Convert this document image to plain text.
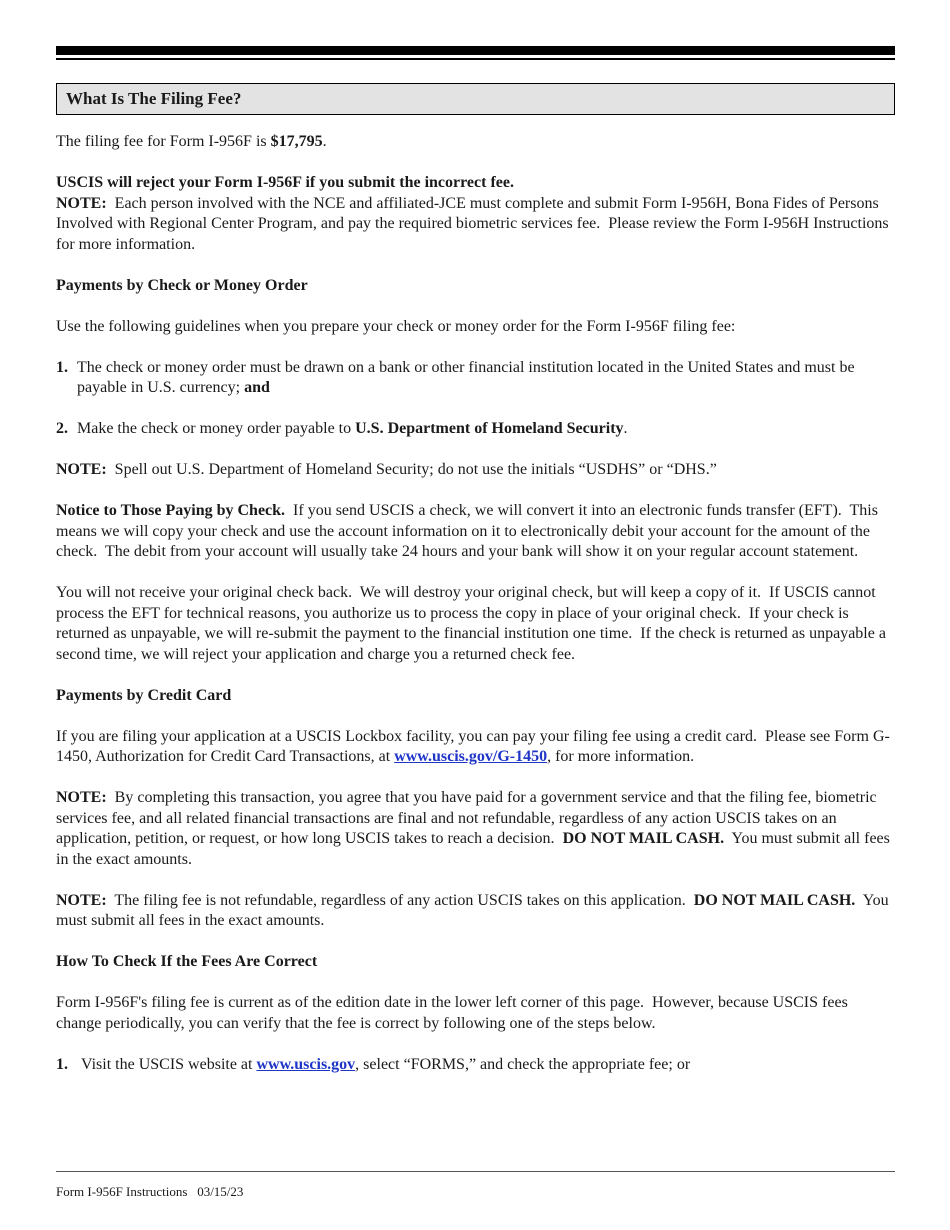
What Is The Filing Fee?

The filing fee for Form I-956F is $17,795.

USCIS will reject your Form I-956F if you submit the incorrect fee.

NOTE:  Each person involved with the NCE and affiliated-JCE must complete and submit Form I-956H, Bona Fides of Persons Involved with Regional Center Program, and pay the required biometric services fee.  Please review the Form I-956H Instructions for more information.

Payments by Check or Money Order

Use the following guidelines when you prepare your check or money order for the Form I-956F filing fee:

1. The check or money order must be drawn on a bank or other financial institution located in the United States and must be payable in U.S. currency; and
2. Make the check or money order payable to U.S. Department of Homeland Security.

NOTE:  Spell out U.S. Department of Homeland Security; do not use the initials “USDHS” or “DHS.”

Notice to Those Paying by Check.  If you send USCIS a check, we will convert it into an electronic funds transfer (EFT).  This means we will copy your check and use the account information on it to electronically debit your account for the amount of the check.  The debit from your account will usually take 24 hours and your bank will show it on your regular account statement.

You will not receive your original check back.  We will destroy your original check, but will keep a copy of it.  If USCIS cannot process the EFT for technical reasons, you authorize us to process the copy in place of your original check.  If your check is returned as unpayable, we will re-submit the payment to the financial institution one time.  If the check is returned as unpayable a second time, we will reject your application and charge you a returned check fee.

Payments by Credit Card

If you are filing your application at a USCIS Lockbox facility, you can pay your filing fee using a credit card.  Please see Form G-1450, Authorization for Credit Card Transactions, at www.uscis.gov/G-1450, for more information.

NOTE:  By completing this transaction, you agree that you have paid for a government service and that the filing fee, biometric services fee, and all related financial transactions are final and not refundable, regardless of any action USCIS takes on an application, petition, or request, or how long USCIS takes to reach a decision.  DO NOT MAIL CASH.  You must submit all fees in the exact amounts.

NOTE:  The filing fee is not refundable, regardless of any action USCIS takes on this application.  DO NOT MAIL CASH.  You must submit all fees in the exact amounts.

How To Check If the Fees Are Correct

Form I-956F's filing fee is current as of the edition date in the lower left corner of this page.  However, because USCIS fees change periodically, you can verify that the fee is correct by following one of the steps below.

1. Visit the USCIS website at www.uscis.gov, select “FORMS,” and check the appropriate fee; or
Form I-956F Instructions   03/15/23
